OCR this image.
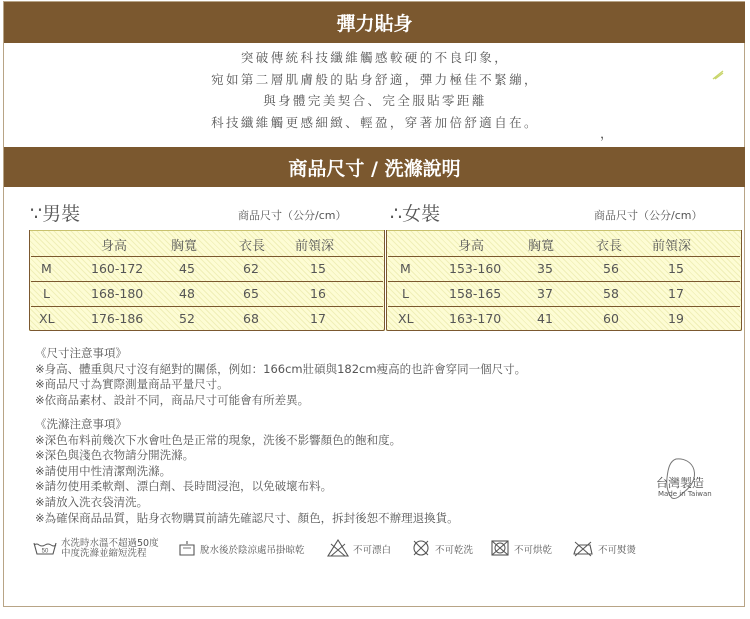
彈力貼身
突破傳統科技纖維觸感較硬的不良印象，
宛如第二層肌膚般的貼身舒適，彈力極佳不緊繃，
與身體完美契合、完全服貼零距離
科技纖維觸更感細緻、輕盈，穿著加倍舒適自在。
，
商品尺寸 / 洗滌說明
∵男裝	商品尺寸（公分/cm）
身高	胸寬	衣長 前領深
M	160-172	45	62	15
L	168-180	48	65	16
XL	176-186	52	68	17
∴女裝	商品尺寸（公分/cm）
身高	胸寬	衣長 前領深
M	153-160	35	56	15
L	158-165	37	58	17
XL	163-170	41	60	19
《尺寸注意事項》
※身高、體重與尺寸沒有絕對的關係，例如：166cm壯碩與182cm瘦高的也許會穿同一個尺寸。
※商品尺寸為實際測量商品平量尺寸。
※依商品素材、設計不同，商品尺寸可能會有所差異。
《洗滌注意事項》
※深色布料前幾次下水會吐色是正常的現象，洗後不影響顏色的飽和度。
※深色與淺色衣物請分開洗滌。
※請使用中性清潔劑洗滌。
※請勿使用柔軟劑、漂白劑、長時間浸泡，以免破壞布料。
※請放入洗衣袋清洗。
※為確保商品品質，貼身衣物購買前請先確認尺寸、顏色，拆封後恕不辦理退換貨。
台灣製造
Made in Taiwan
50
水洗時水溫不超過50度
中度洗滌並縮短洗程	脫水後於陰涼處吊掛晾乾	不可漂白	不可乾洗	不可烘乾	不可熨燙
